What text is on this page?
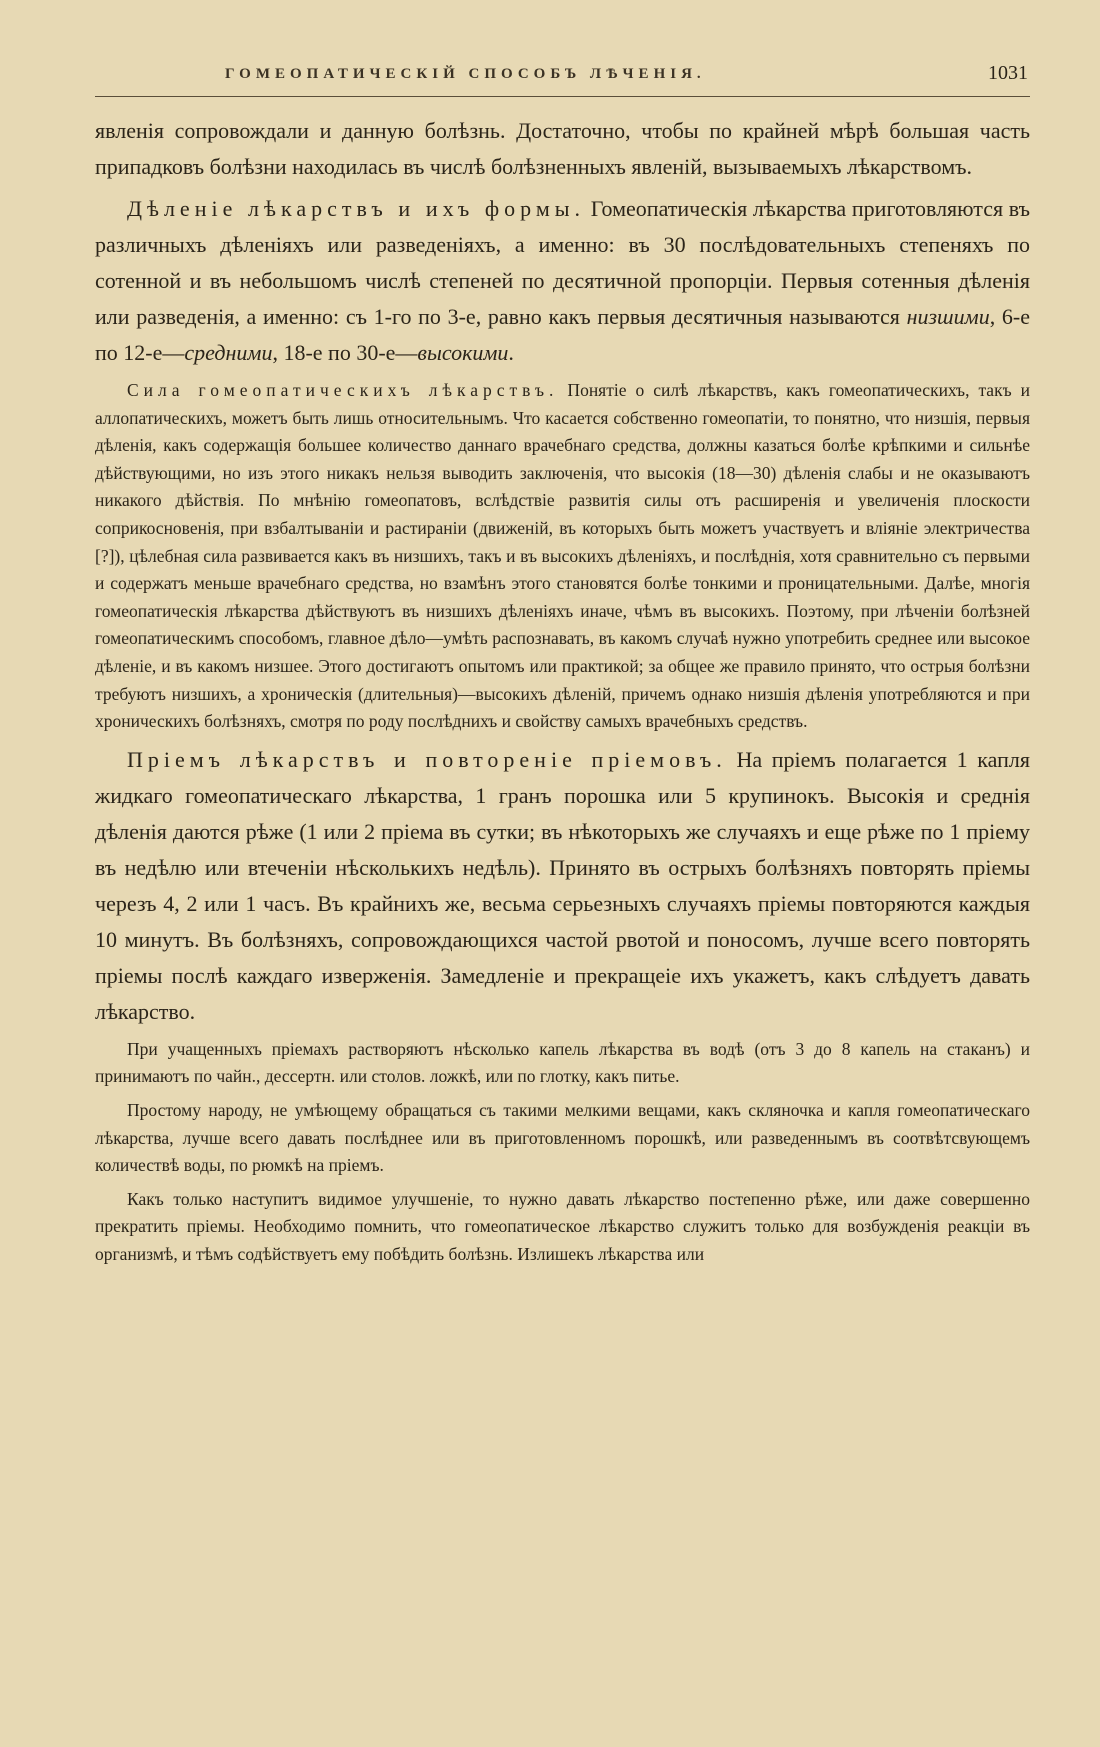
ГОМЕОПАТИЧЕСКІЙ СПОСОБЪ ЛѢЧЕНІЯ.	1031

явленія сопровождали и данную болѣзнь. Достаточно, чтобы по крайней мѣрѣ большая часть припадковъ болѣзни находилась въ числѣ болѣзненныхъ явленій, вызываемыхъ лѣкарствомъ.

Дѣленіе лѣкарствъ и ихъ формы. Гомеопатическія лѣкарства приготовляются въ различныхъ дѣленіяхъ или разведеніяхъ, а именно: въ 30 послѣдовательныхъ степеняхъ по сотенной и въ небольшомъ числѣ степеней по десятичной пропорціи. Первыя сотенныя дѣленія или разведенія, а именно: съ 1-го по 3-е, равно какъ первыя десятичныя называются низшими, 6-е по 12-е—средними, 18-е по 30-е—высокими.

Сила гомеопатическихъ лѣкарствъ. Понятіе о силѣ лѣкарствъ, какъ гомеопатическихъ, такъ и аллопатическихъ, можетъ быть лишь относительнымъ. Что касается собственно гомеопатіи, то понятно, что низшія, первыя дѣленія, какъ содержащія большее количество даннаго врачебнаго средства, должны казаться болѣе крѣпкими и сильнѣе дѣйствующими, но изъ этого никакъ нельзя выводить заключенія, что высокія (18—30) дѣленія слабы и не оказываютъ никакого дѣйствія. По мнѣнію гомеопатовъ, вслѣдствіе развитія силы отъ расширенія и увеличенія плоскости соприкосновенія, при взбалтываніи и растираніи (движеній, въ которыхъ быть можетъ участвуетъ и вліяніе электричества [?]), цѣлебная сила развивается какъ въ низшихъ, такъ и въ высокихъ дѣленіяхъ, и послѣднія, хотя сравнительно съ первыми и содержатъ меньше врачебнаго средства, но взамѣнъ этого становятся болѣе тонкими и проницательными. Далѣе, многія гомеопатическія лѣкарства дѣйствуютъ въ низшихъ дѣленіяхъ иначе, чѣмъ въ высокихъ. Поэтому, при лѣченіи болѣзней гомеопатическимъ способомъ, главное дѣло—умѣть распознавать, въ какомъ случаѣ нужно употребить среднее или высокое дѣленіе, и въ какомъ низшее. Этого достигаютъ опытомъ или практикой; за общее же правило принято, что острыя болѣзни требуютъ низшихъ, а хроническія (длительныя)—высокихъ дѣленій, причемъ однако низшія дѣленія употребляются и при хроническихъ болѣзняхъ, смотря по роду послѣднихъ и свойству самыхъ врачебныхъ средствъ.

Пріемъ лѣкарствъ и повтореніе пріемовъ. На пріемъ полагается 1 капля жидкаго гомеопатическаго лѣкарства, 1 гранъ порошка или 5 крупинокъ. Высокія и среднія дѣленія даются рѣже (1 или 2 пріема въ сутки; въ нѣкоторыхъ же случаяхъ и еще рѣже по 1 пріему въ недѣлю или втеченіи нѣсколькихъ недѣль). Принято въ острыхъ болѣзняхъ повторять пріемы черезъ 4, 2 или 1 часъ. Въ крайнихъ же, весьма серьезныхъ случаяхъ пріемы повторяются каждыя 10 минутъ. Въ болѣзняхъ, сопровождающихся частой рвотой и поносомъ, лучше всего повторять пріемы послѣ каждаго изверженія. Замедленіе и прекращеіе ихъ укажетъ, какъ слѣдуетъ давать лѣкарство.

При учащенныхъ пріемахъ растворяютъ нѣсколько капель лѣкарства въ водѣ (отъ 3 до 8 капель на стаканъ) и принимаютъ по чайн., дессертн. или столов. ложкѣ, или по глотку, какъ питье.

Простому народу, не умѣющему обращаться съ такими мелкими вещами, какъ скляночка и капля гомеопатическаго лѣкарства, лучше всего давать послѣднее или въ приготовленномъ порошкѣ, или разведеннымъ въ соотвѣтсвующемъ количествѣ воды, по рюмкѣ на пріемъ.

Какъ только наступитъ видимое улучшеніе, то нужно давать лѣкарство постепенно рѣже, или даже совершенно прекратить пріемы. Необходимо помнить, что гомеопатическое лѣкарство служитъ только для возбужденія реакціи въ организмѣ, и тѣмъ содѣйствуетъ ему побѣдить болѣзнь. Излишекъ лѣкарства или
